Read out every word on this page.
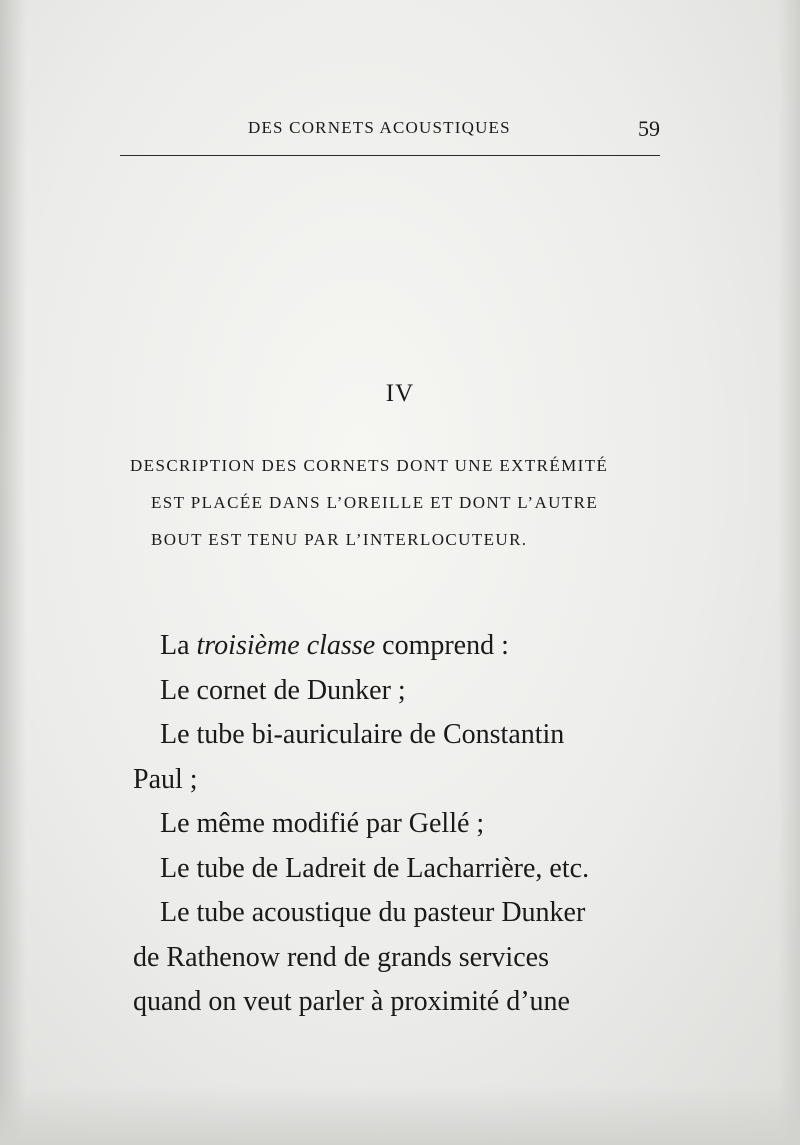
DES CORNETS ACOUSTIQUES	59
IV
DESCRIPTION DES CORNETS DONT UNE EXTRÉMITÉ
EST PLACÉE DANS L’OREILLE ET DONT L’AUTRE
BOUT EST TENU PAR L’INTERLOCUTEUR.
La troisième classe comprend :
Le cornet de Dunker ;
Le tube bi-auriculaire de Constantin
Paul ;
Le même modifié par Gellé ;
Le tube de Ladreit de Lacharrière, etc.
Le tube acoustique du pasteur Dunker
de Rathenow rend de grands services
quand on veut parler à proximité d’une
